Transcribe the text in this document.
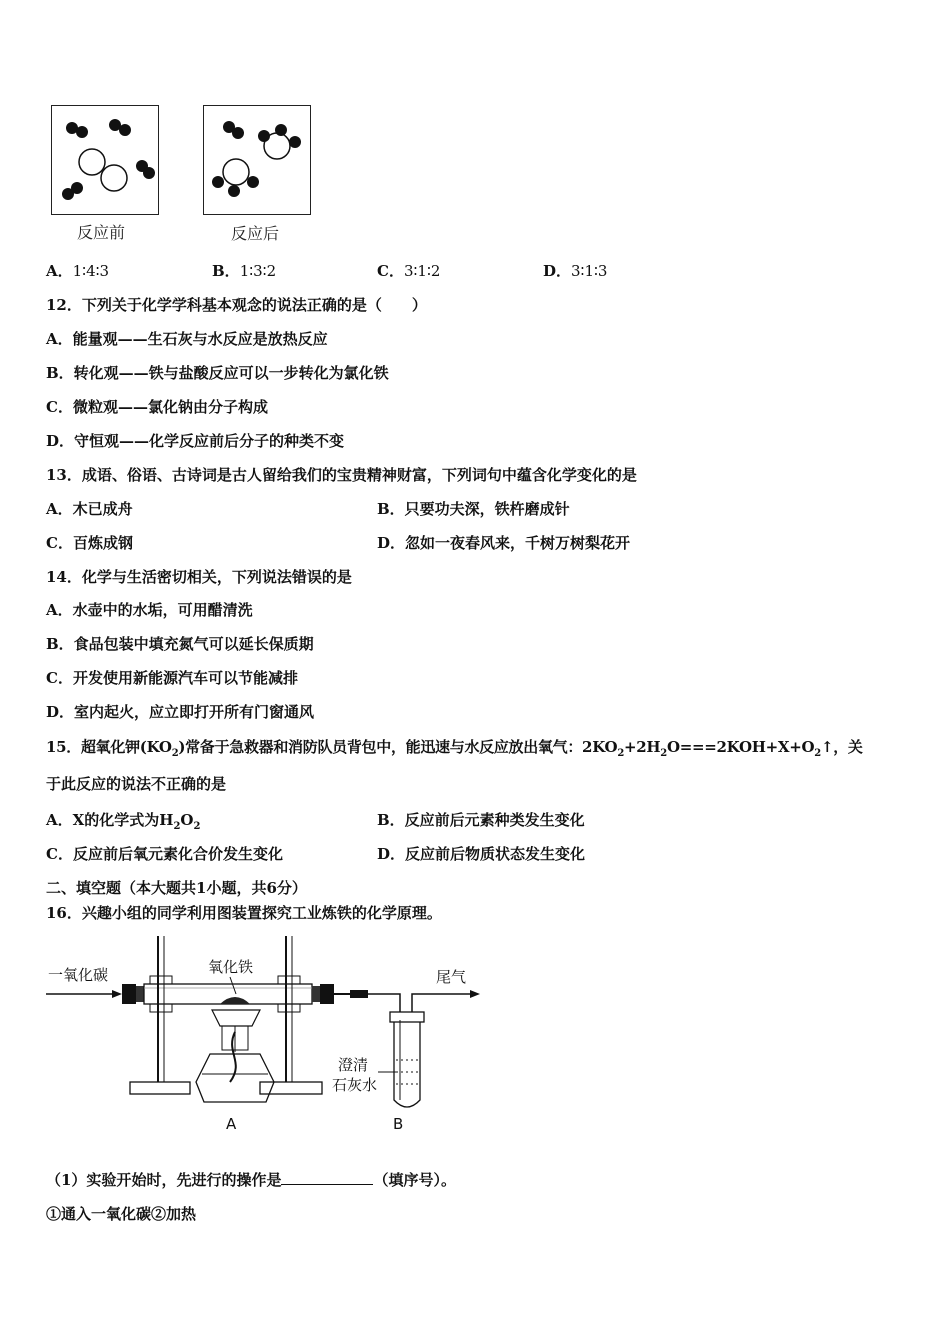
反应前	反应后
A．1∶4∶3	B．1∶3∶2	C．3∶1∶2	D．3∶1∶3
12．下列关于化学学科基本观念的说法正确的是（　　）
A．能量观——生石灰与水反应是放热反应
B．转化观——铁与盐酸反应可以一步转化为氯化铁
C．微粒观——氯化钠由分子构成
D．守恒观——化学反应前后分子的种类不变
13．成语、俗语、古诗词是古人留给我们的宝贵精神财富，下列词句中蕴含化学变化的是
A．木已成舟	B．只要功夫深，铁杵磨成针
C．百炼成钢	D．忽如一夜春风来，千树万树梨花开
14．化学与生活密切相关，下列说法错误的是
A．水壶中的水垢，可用醋清洗
B．食品包装中填充氮气可以延长保质期
C．开发使用新能源汽车可以节能减排
D．室内起火，应立即打开所有门窗通风
15．超氧化钾$(KO_2)$常备于急救器和消防队员背包中，能迅速与水反应放出氧气：$2KO_2+2H_2O===2KOH+X+O_2↑$，关
于此反应的说法不正确的是
A．X的化学式为$H_2O_2$	B．反应前后元素种类发生变化
C．反应前后氧元素化合价发生变化	D．反应前后物质状态发生变化
二、填空题（本大题共1小题，共6分）
16．兴趣小组的同学利用图装置探究工业炼铁的化学原理。
一氧化碳	氧化铁
尾气
澄清
石灰水
A	B
（1）实验开始时，先进行的操作是	（填序号）。
①通入一氧化碳②加热
